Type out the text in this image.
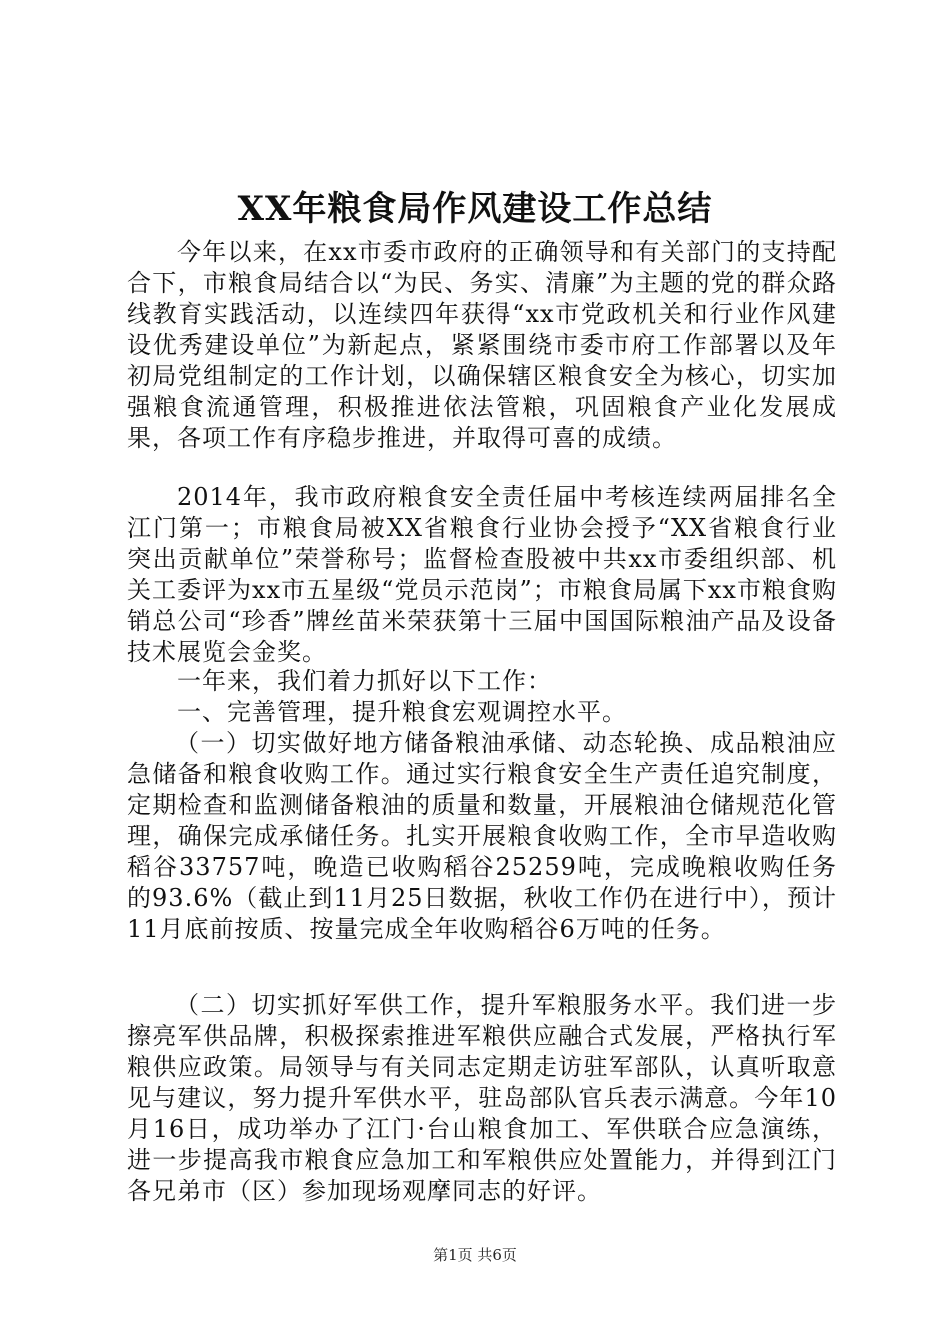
XX年粮食局作风建设工作总结

今年以来，在xx市委市政府的正确领导和有关部门的支持配合下，市粮食局结合以“为民、务实、清廉”为主题的党的群众路线教育实践活动，以连续四年获得“xx市党政机关和行业作风建设优秀建设单位”为新起点，紧紧围绕市委市府工作部署以及年初局党组制定的工作计划，以确保辖区粮食安全为核心，切实加强粮食流通管理，积极推进依法管粮，巩固粮食产业化发展成果，各项工作有序稳步推进，并取得可喜的成绩。

2014年，我市政府粮食安全责任届中考核连续两届排名全江门第一；市粮食局被XX省粮食行业协会授予“XX省粮食行业突出贡献单位”荣誉称号；监督检查股被中共xx市委组织部、机关工委评为xx市五星级“党员示范岗”；市粮食局属下xx市粮食购销总公司“珍香”牌丝苗米荣获第十三届中国国际粮油产品及设备技术展览会金奖。

一年来，我们着力抓好以下工作：

一、完善管理，提升粮食宏观调控水平。

（一）切实做好地方储备粮油承储、动态轮换、成品粮油应急储备和粮食收购工作。通过实行粮食安全生产责任追究制度，定期检查和监测储备粮油的质量和数量，开展粮油仓储规范化管理，确保完成承储任务。扎实开展粮食收购工作，全市早造收购稻谷33757吨，晚造已收购稻谷25259吨，完成晚粮收购任务的93.6%（截止到11月25日数据，秋收工作仍在进行中），预计11月底前按质、按量完成全年收购稻谷6万吨的任务。

（二）切实抓好军供工作，提升军粮服务水平。我们进一步擦亮军供品牌，积极探索推进军粮供应融合式发展，严格执行军粮供应政策。局领导与有关同志定期走访驻军部队，认真听取意见与建议，努力提升军供水平，驻岛部队官兵表示满意。今年10月16日，成功举办了江门·台山粮食加工、军供联合应急演练，进一步提高我市粮食应急加工和军粮供应处置能力，并得到江门各兄弟市（区）参加现场观摩同志的好评。

第1页 共6页
